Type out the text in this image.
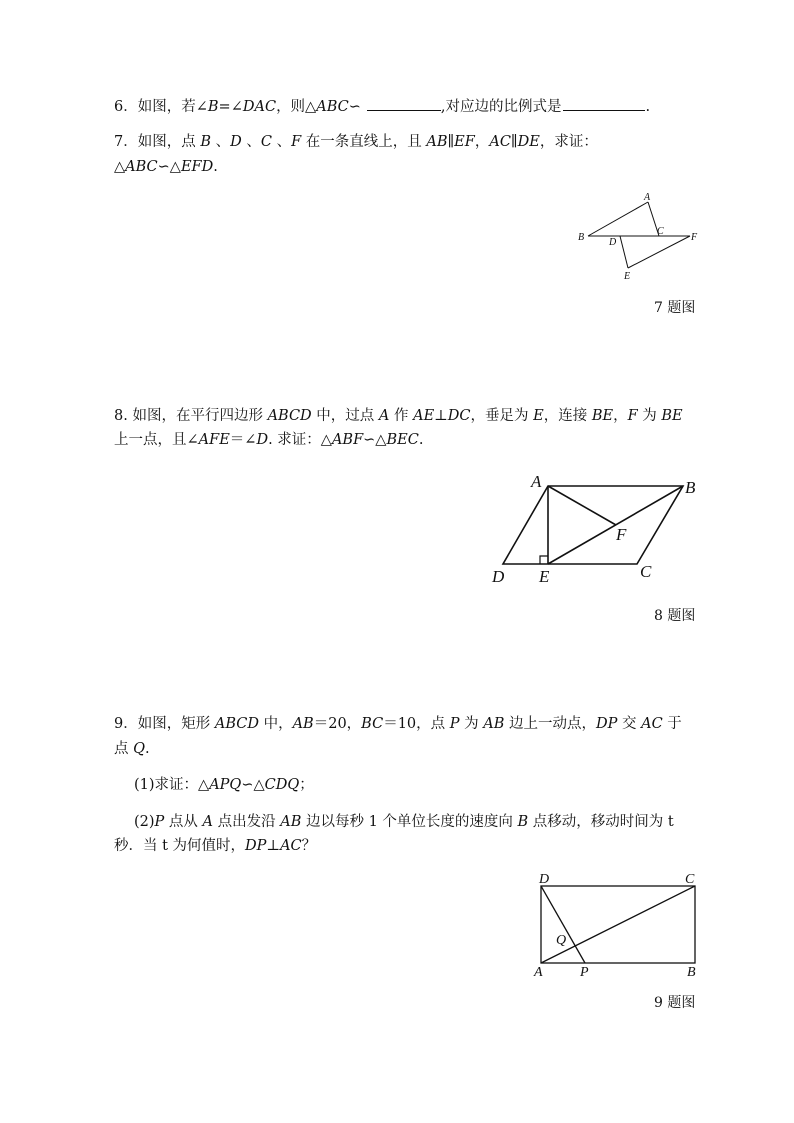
6．如图，若∠B=∠DAC，则△ABC∽	,对应边的比例式是	.
7．如图，点 B 、D 、C 、F 在一条直线上，且 AB∥EF，AC∥DE，求证：
△ABC∽△EFD.
A
B
C
D
E
F
7 题图
8. 如图，在平行四边形 ABCD 中，过点 A 作 AE⊥DC，垂足为 E，连接 BE，F 为 BE
上一点，且∠AFE＝∠D. 求证：△ABF∽△BEC.
A	B
C
D E
F
8 题图
9．如图，矩形 ABCD 中，AB＝20，BC＝10，点 P 为 AB 边上一动点，DP 交 AC 于
点 Q.
(1)求证：△APQ∽△CDQ；
(2)P 点从 A 点出发沿 AB 边以每秒 1 个单位长度的速度向 B 点移动，移动时间为 t
秒．当 t 为何值时，DP⊥AC？
D	C
A	P	B
Q
9 题图
